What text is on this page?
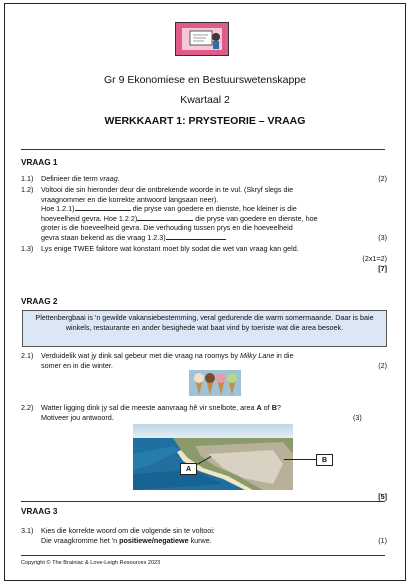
Gr 9 Ekonomiese en Bestuurswetenskappe
Kwartaal 2
WERKKAART 1: PRYSTEORIE – VRAAG
VRAAG 1
1.1) Definieer die term vraag.	(2)
1.2) Voltooi die sin hieronder deur die ontbrekende woorde in te vul. (Skryf slegs die
vraagnommer en die korrekte antwoord langsaan neer).
Hoe 1.2.1)	die pryse van goedere en dienste, hoe kleiner is die
hoeveelheid gevra. Hoe 1.2.2)	die pryse van goedere en dienste, hoe
groter is die hoeveelheid gevra. Die verhouding tussen prys en die hoeveelheid
gevra staan bekend as die vraag 1.2.3)	(3)
1.3) Lys enige TWEE faktore wat konstant moet bly sodat die wet van vraag kan geld.
(2x1=2)
[7]
VRAAG 2
Plettenbergbaai is 'n gewilde vakansiebestemming, veral gedurende die warm somermaande. Daar is baie winkels, restaurante en ander besighede wat baat vind by toeriste wat die area besoek.
2.1) Verduidelik wat jy dink sal gebeur met die vraag na roomys by Milky Lane in die
somer en in die winter.	(2)
2.2) Watter ligging dink jy sal die meeste aanvraag hê vir snelbote, area A of B?
Motiveer jou antwoord.	(3)
[5]
A
B
VRAAG 3
3.1) Kies die korrekte woord om die volgende sin te voltooi:
Die vraagkromme het 'n positiewe/negatiewe kurwe.	(1)
Copyright © The Brainiac & Love-Leigh Resources 2023
